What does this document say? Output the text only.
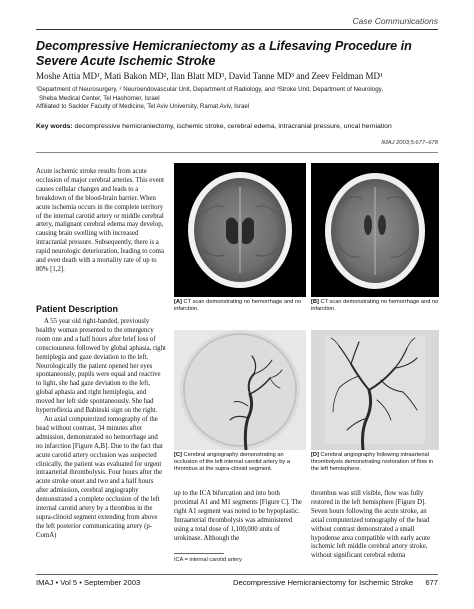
Case Communications
Decompressive Hemicraniectomy as a Lifesaving Procedure in Severe Acute Ischemic Stroke
Moshe Attia MD¹, Mati Bakon MD², Ilan Blatt MD³, David Tanne MD³ and Zeev Feldman MD¹
¹Department of Neurosurgery, ² Neuroendovascular Unit, Department of Radiology, and ³Stroke Unit, Department of Neurology,
Sheba Medical Center, Tel Hashomer, Israel
Affiliated to Sackler Faculty of Medicine, Tel Aviv University, Ramat Aviv, Israel
Key words: decompressive hemicraniectomy, ischemic stroke, cerebral edema, intracranial pressure, uncal herniation
IMAJ 2003;5:677–678

Acute ischemic stroke results from acute occlusion of major cerebral arteries. This event causes cellular changes and leads to a breakdown of the blood-brain barrier. When acute ischemia occurs in the complete territory of the internal carotid artery or middle cerebral artery, malignant cerebral edema may develop, causing brain swelling with increased intracranial pressure. Subsequently, there is a rapid neurologic deterioration, leading to coma and even death with a mortality rate of up to 80% [1,2].

Patient Description

A 55 year old right-handed, previously healthy woman presented to the emergency room one and a half hours after brief loss of consciousness followed by global aphasia, right hemiplegia and gaze deviation to the left. Neurologically the patient opened her eyes spontaneously, pupils were equal and reactive to light, she had gaze deviation to the left, global aphasia and right hemiplegia, and moved her left side spontaneously. She had hyperreflexia and Babinski sign on the right.

An axial computerized tomography of the head without contrast, 34 minutes after admission, demonstrated no hemorrhage and no infarction [Figure A,B]. Due to the fact that acute carotid artery occlusion was suspected clinically, the patient was evaluated for urgent intraarterial thrombolysis. Four hours after the acute stroke onset and two and a half hours after admission, cerebral angiography demonstrated a complete occlusion of the left internal carotid artery by a thrombus in the supra-clinoid segment extending from above the left posterior communicating artery (p-ComA)

[A] CT scan demonstrating no hemorrhage and no infarction.
[B] CT scan demonstrating no hemorrhage and no infarction.
[C] Cerebral angiography demonstrating an occlusion of the left internal carotid artery by a thrombus at the supra-clinoid segment.
[D] Cerebral angiography following intraarterial thrombolysis demonstrating restoration of flow in the left hemisphere.

up to the ICA bifurcation and into both proximal A1 and M1 segments [Figure C]. The right A1 segment was noted to be hypoplastic. Intraarterial thrombolysis was administered using a total dose of 1,100,000 units of urokinase. Although the

ICA = internal carotid artery

thrombus was still visible, flow was fully restored in the left hemisphere [Figure D]. Seven hours following the acute stroke, an axial computerized tomography of the head without contrast demonstrated a small hypodense area compatible with early acute ischemic left middle cerebral artery stroke, without significant cerebral edema

IMAJ • Vol 5 • September 2003	Decompressive Hemicraniectomy for Ischemic Stroke 677
